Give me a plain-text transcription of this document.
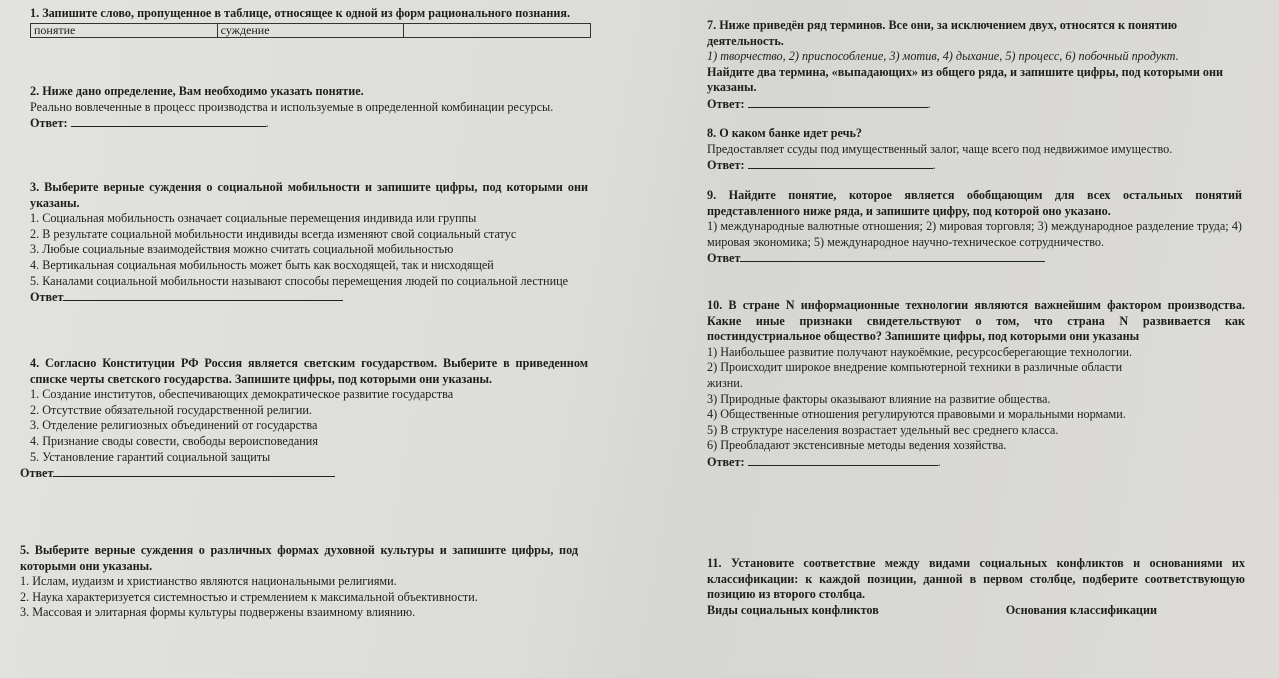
1. Запишите слово, пропущенное в таблице, относящее к одной из форм рационального познания.

понятие	суждение	

2. Ниже дано определение, Вам необходимо указать понятие.

Реально вовлеченные в процесс производства и используемые в определенной комбинации ресурсы.

Ответ:	.

3. Выберите верные суждения о социальной мобильности и запишите цифры, под которыми они указаны.

1. Социальная мобильность означает социальные перемещения индивида или группы

2. В результате социальной мобильности индивиды всегда изменяют свой социальный статус

3. Любые социальные взаимодействия можно считать социальной мобильностью

4. Вертикальная социальная мобильность может быть как восходящей, так и нисходящей

5. Каналами социальной мобильности называют способы перемещения людей по социальной лестнице

Ответ

4. Согласно Конституции РФ Россия является светским государством. Выберите в приведенном списке черты светского государства. Запишите цифры, под которыми они указаны.

1. Создание институтов, обеспечивающих демократическое развитие государства

2. Отсутствие обязательной государственной религии.

3. Отделение религиозных объединений от государства

4. Признание своды совести, свободы вероисповедания

5. Установление гарантий социальной защиты

Ответ

5. Выберите верные суждения о различных формах духовной культуры и запишите цифры, под которыми они указаны.

1. Ислам, иудаизм и христианство являются национальными религиями.

2. Наука характеризуется системностью и стремлением к максимальной объективности.

3. Массовая и элитарная формы культуры подвержены взаимному влиянию.

7. Ниже приведён ряд терминов. Все они, за исключением двух, относятся к понятию деятельность.

1) творчество, 2) приспособление, 3) мотив, 4) дыхание, 5) процесс, 6) побочный продукт.

Найдите два термина, «выпадающих» из общего ряда, и запишите цифры, под которыми они указаны.

Ответ:	.

8. О каком банке идет речь?

Предоставляет ссуды под имущественный залог, чаще всего под недвижимое имущество.

Ответ:	.

9. Найдите понятие, которое является обобщающим для всех остальных понятий представленного ниже ряда, и запишите цифру, под которой оно указано.

1) международные валютные отношения; 2) мировая торговля; 3) международное разделение труда; 4) мировая экономика; 5) международное научно-техническое сотрудничество.

Ответ

10. В стране N информационные технологии являются важнейшим фактором производства. Какие иные признаки свидетельствуют о том, что страна N развивается как постиндустриальное общество? Запишите цифры, под которыми они указаны

1) Наибольшее развитие получают наукоёмкие, ресурсосберегающие технологии.

2) Происходит широкое внедрение компьютерной техники в различные области жизни.

3) Природные факторы оказывают влияние на развитие общества.

4) Общественные отношения регулируются правовыми и моральными нормами.

5) В структуре населения возрастает удельный вес среднего класса.

6) Преобладают экстенсивные методы ведения хозяйства.

Ответ:	.

11. Установите соответствие между видами социальных конфликтов и основаниями их классификации: к каждой позиции, данной в первом столбце, подберите соответствующую позицию из второго столбца.

Виды социальных конфликтов	Основания классификации
